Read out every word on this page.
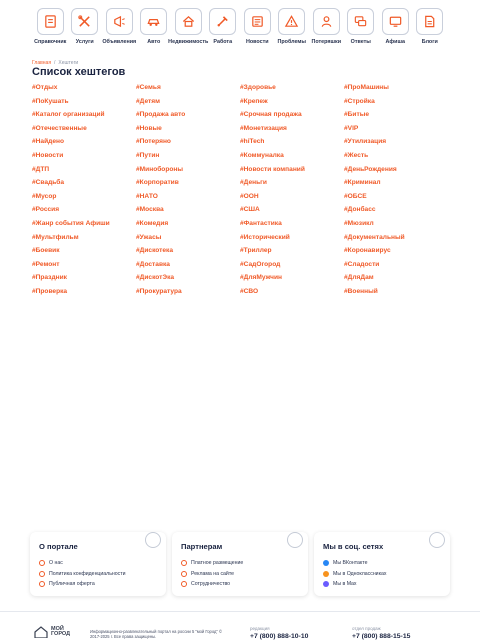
Справочник Услуги Объявления Авто Недвижимость Работа	Новости Проблемы Потеряшки Ответы	Афиша	Блоги
Главная / Хештеги
Список хештегов
#Отдых	#Семья	#Здоровье	#ПроМашины
#ПоКушать	#Детям	#Крепеж	#Стройка
#Каталог организаций	#Продажа авто	#Срочная продажа	#Битые
#Отечественные	#Новые	#Монетизация	#VIP
#Найдено	#Потеряно	#hiTech	#Утилизация
#Новости	#Путин	#Коммуналка	#Жесть
#ДТП	#Минобороны	#Новости компаний	#ДеньРождения
#Свадьба	#Корпоратив	#Деньги	#Криминал
#Мусор	#НАТО	#ООН	#ОБСЕ
#Россия	#Москва	#США	#Донбасс
#Жанр события Афиши	#Комедия	#Фантастика	#Мюзикл
#Мультфильм	#Ужасы	#Исторический	#Документальный
#Боевик	#Дискотека	#Триллер	#Коронавирус
#Ремонт	#Доставка	#СадОгород	#Сладости
#Праздник	#ДискотЭка	#ДляМужчин	#ДляДам
#Проверка	#Прокуратура	#СВО	#Военный
О портале
О нас
Политика конфиденциальности
Публичная оферта
Партнерам
Платное размещение
Реклама на сайте
Сотрудничество
Мы в соц. сетях
Мы ВКонтакте
Мы в Одноклассниках
Мы в Max
МОЙ
ГОРОД	Информационно-развлекательный портал на россии 5 "мой Город" © 2017-2025 г. Все права защищены.
редакция
+7 (800) 888-10-10
отдел продаж
+7 (800) 888-15-15
